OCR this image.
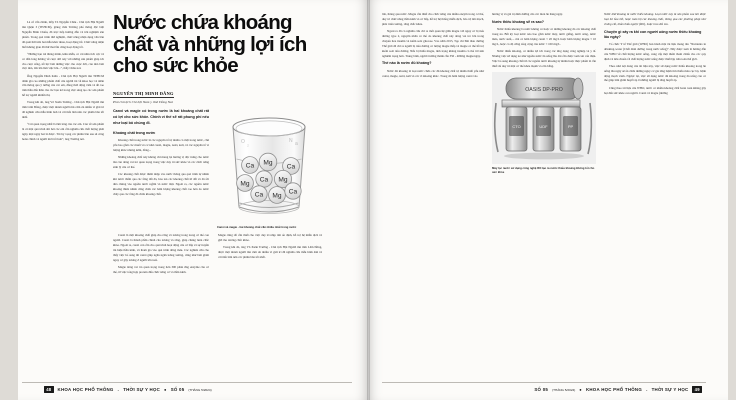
Là cố vấn chính, thầy Tô Nguyễn Châu - Chủ tịch Hội Người mù Quận 3 (TP.HCM), giảng viên Trường phổ thông đặc biệt Nguyễn Đình Chiểu, đã trực tiếp hướng dẫn và trải nghiệm sản phẩm. Trong quá trình thử nghiệm, chức năng nhận dạng văn bản đã quét thử trên hai mẫu khác nhau, hoạt động tốt. Chức năng nhận biết không gian đã thử thai lần cũng hoạt động tốt.

“Những bạn trẻ thông minh, kiên nhẫn, có cái nhìn tích cực và có tấm lòng hướng về cuộc đời này với những sản phẩm giúp ích cho cuộc sống, nỗ lực làm những việc cho cuộc đời, còn nhỏ làm việc nhỏ, lớn lên làm việc lớn...”, thầy Châu nói.

Ông Nguyễn Đình Kiên - Chủ tịch Hội Người mù TP.HCM đánh giá cao những phẩm chất của người trẻ về khoa học và nhân văn thông qua ý tưởng của các em, đồng thời động viên và đề cao tinh thần dấn thân của các bạn trẻ trong việc sáng tạo các sản phẩm hỗ trợ người khiếm thị.

Trong khi đó, ông Võ Xuân Trường - Chủ tịch Hội Người mù tỉnh Lâm Đồng, được một nhóm người mù cảm ơn nhiều vì giải trí đã nghiên cứu mẫu hình ảnh và cải tiến làm nên các phiên bản tốt nhất.

“Cái quan trọng nhất là tâm lòng của các em. Còn về sản phẩm là cả một quá trình đòi hỏi các em cần nghiên cứu chất lượng phải ngày một ngày hai là được. Tôi hy vọng các phiên bản sau sẽ công hoàn chỉnh và người mới tốt hơn”, ông Trường nói.

Nước chứa khoáng chất và những lợi ích cho sức khỏe
NGUYỄN THỊ MINH ĐẰNG
Phó chủ tịch Chi hội Nam y tỉnh Đồng Nai
Canxi và magie có trong nước là hai khoáng chất rất có lợi cho sức khỏe. Chính vì thế sẽ rất phung phí nếu như loại bỏ chúng đi.
Khoáng chất trong nước

Khoáng chất trong nước là các nguyên tố tự nhiên có mặt trong nước, chủ yếu bao gồm các muối vô cơ như canxi, magie, natri, kali, và các nguyên tố vi lượng khác nhưng kẽm, đồng...

Những khoáng chất này không chỉ mang lại hương vị đặc trưng cho nước mà còn đóng vai trò quan trọng trong việc duy trì sức khỏe và các chức năng sinh lý của cơ thể.

Các khoáng chất được thêm nhập vào nước thông qua quá trình tự nhiên khi nước thấm qua các tầng đất đá, hòa tan các khoáng chất từ đất và đá rồi đưa chúng vào nguồn nước ngầm và nước mặt. Ngoài ra, các nguồn nước khoáng thiên nhiên cũng chứa các hàm lượng khoáng chất cao hơn do nước chảy qua các tầng đá chứa khoáng chất.

Ca Mg
Ca
Mg
Ca
Mg
Ca Mg
Ca
O ₂
N a
Canxi và magie - hai khoáng chất cần nhiều nhất trong nước

Canxi là một khoáng chất giúp cho răng và xương trong trong cơ thể con người. Canxi là thành phần chính của xương và răng, giúp chúng luôn chắc khỏe. Ngoài ra, canxi còn cần cho quá trình hoạt động của cơ bắp và sự truyền tín hiệu thần kinh, và tham gia vào quá trình đông máu. Các nghiên cứu cho thấy việc bổ sung đủ canxi giúp ngăn ngừa loãng xương, cũng như làm giảm nguy cơ gãy xương ở người lớn tuổi.

Magie đóng vai trò quan trọng trong hơn 300 phản ứng enzyme của cơ thể, từ việc tổng hợp protein đến chức năng cơ và thần kinh.

Magie cũng rất cần thiết cho việc duy trì nhịp tim ổn định, hỗ trợ hệ miễn dịch và giữ cho xương chắc khỏe.

Trong khi đó, ông Võ Xuân Trường - Chủ tịch Hội Người mù tỉnh Lâm Đồng, được một nhóm người mù cảm ơn nhiều vì giải trí đã nghiên cứu mẫu hình ảnh và cải tiến làm nên các phiên bản tốt nhất.

48	KHOA HỌC PHỔ THÔNG - THỜI SỰ Y HỌC ● SỐ 05 (THÁNG 5/2024)

lớn, thông qua nước. Magie cần thiết cho chức năng của nhiều enzym trong cơ thể, duy trì chức năng thần kinh và cơ bắp, hỗ trợ hệ thống miễn dịch, bảo vệ tim mạch, phát triển xương, răng chắc khỏe.

Ngoài ra đã có nghiên cứu chỉ ra mối quan hệ giữa magie với nguy cơ bị tiểu đường type 2, nguyên nhân có thể do khoáng chất này đóng vai trò lớn trong chuyển hóa insulin và kiểm soát glucose. Vào năm 2015, Tạp chí Đái tháo đường Thế giới đã chỉ ra người bị tiểu đường có lượng magie thấp và magie có thể hỗ trợ kiểm soát tiểu đường. Nếu bị thiếu magie, tình trạng kháng insulin có thể trở nên nghiêm trọng hơn. Trung bình, người trưởng thành cần 350 - 400mg magie/ngày.

Thế nào là nước đủ khoáng?

Nước đủ khoáng là loại nước chứa các đủ khoáng chất tự nhiên thiết yếu như canxi, magie, natri, kali và các vi khoáng khác. Trong đó hàm lượng canxi vào

hương vị và giá trị dinh dưỡng của các món ăn hàng ngày.

Nước thiếu khoáng sẽ ra sao?

Nước thiếu khoáng là nước không có hoặc có những khoáng đó các khoáng chất trong nó. Bất kỳ loại nước nào bao gồm nước máy, nước giếng, nước sông, nước mưa, nước suối,... mà có hàm lượng canxi < 20 mg/L hoặc hàm lượng magie < 10 mg/L, hoặc có độ cứng tổng cộng của nước < 100 mg/L.

Nước thiếu khoáng, có nhiều lợi ích trong các ứng dụng công nghiệp và y tế. Nhưng việc sử dụng nó như nguồn nước ăn uống lâu dài cần được xem xét cẩn thận. Việc bổ sung khoáng chất từ các nguồn nước khoáng tự nhiên hoặc thực phẩm là cần thiết để duy trì một cơ thể khỏe mạnh và cân bằng.

OASIS DP-PRO
CTO	UDF	PP
Máy lọc nước sử dụng công nghệ RO tạo ra nước thiếu khoáng không tốt cho sức khỏe

Nước khử khoáng là nước thiếu khoáng. Loại nước này là sản phẩm sau khi được loại bỏ hầu hết, hoặc toàn bộ các khoáng chất, thông qua các phương pháp như chưng cất, thẩm thấu ngược (RO), hoặc trao đổi ion.

Chuyện gì xảy ra khi con người uống nước thiếu khoáng lâu ngày?

Tổ chức Y tế Thế giới (WHO) ban hành một tài liệu mang tên “Nutrients in drinking-water (Chất dinh dưỡng trong nước uống)”. Đây được xem là hướng dẫn của WHO về chất lượng nước uống, cung cấp một điểm tham chiếu cho các quy định và tiêu chuẩn về chất lượng nước uống được thiết lập trên toàn thế giới.

Theo như nội dung của tài liệu này, việc sử dụng nước thiếu khoáng trong ăn uống lâu ngày sẽ ẩn chứa những nguy cơ gia tăng bệnh tim thiếu máu cục bộ, bệnh động mạch vành. Ngược lại, việc sử dụng nước đủ khoáng trong ăn uống còn có thể giúp làm giảm huyết áp ở những người bị tăng huyết áp.

Cũng theo tài liệu của WHO, nước có nhiều khoáng chất hoàn toàn không gây hại đến sức khỏe con người. Canxi và magie (những

SỐ 05 (THÁNG 5/2024) ● KHOA HỌC PHỔ THÔNG - THỜI SỰ Y HỌC	49
